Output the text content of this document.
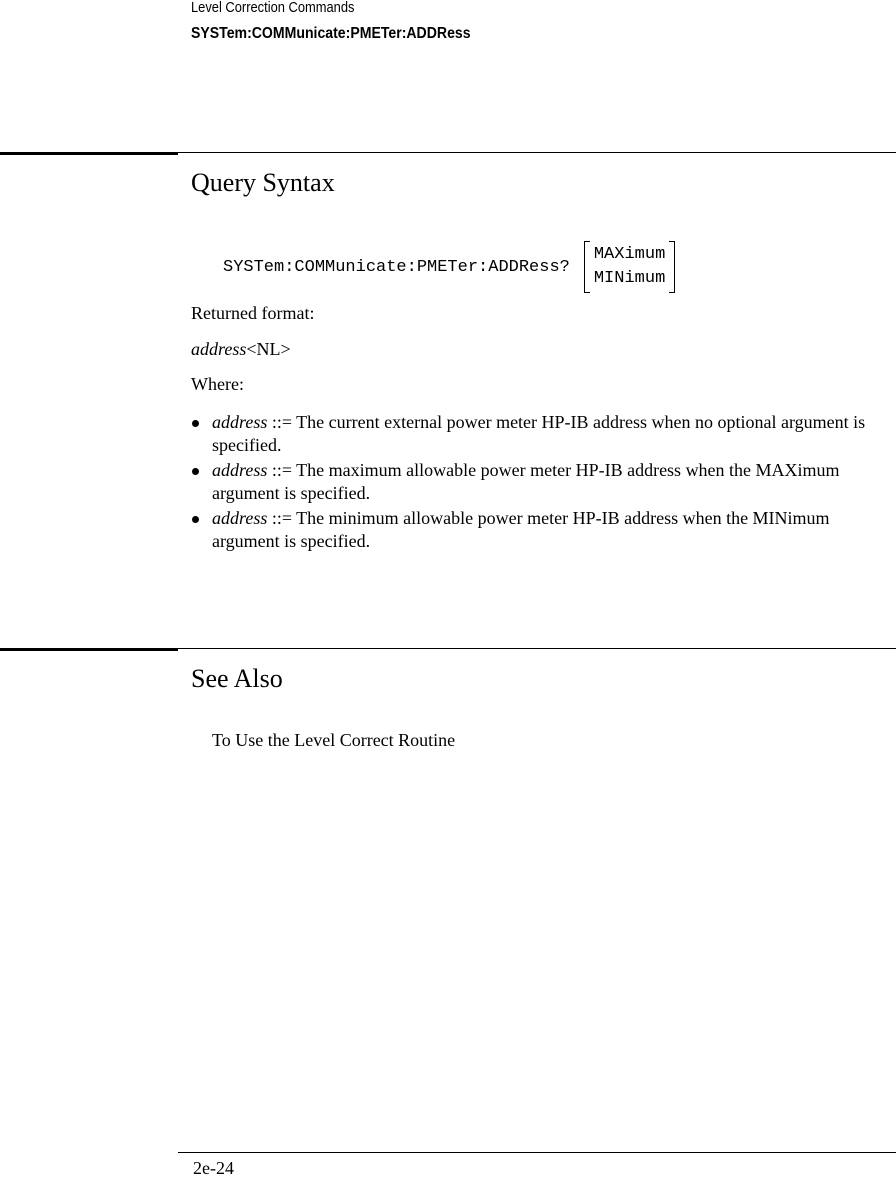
Level Correction Commands
SYSTem:COMMunicate:PMETer:ADDRess
Query Syntax
SYSTem:COMMunicate:PMETer:ADDRess?
MAXimum
MINimum
Returned format:
address<NL>
Where:
address ::= The current external power meter HP-IB address when no optional argument is specified.
address ::= The maximum allowable power meter HP-IB address when the MAXimum argument is specified.
address ::= The minimum allowable power meter HP-IB address when the MINimum argument is specified.
See Also
To Use the Level Correct Routine
2e-24
